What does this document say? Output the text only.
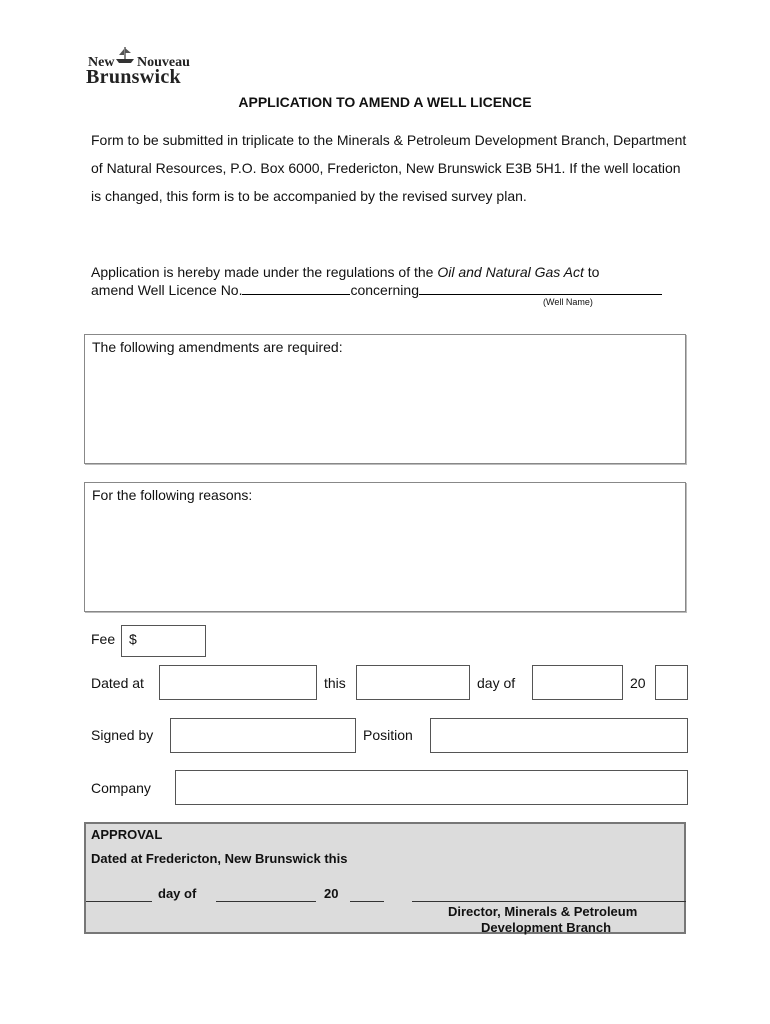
New Nouveau
Brunswick
APPLICATION TO AMEND A WELL LICENCE
Form to be submitted in triplicate to the Minerals & Petroleum Development Branch, Department of Natural Resources, P.O. Box 6000, Fredericton, New Brunswick E3B 5H1. If the well location is changed, this form is to be accompanied by the revised survey plan.
Application is hereby made under the regulations of the Oil and Natural Gas Act to
amend Well Licence No.	concerning
(Well Name)
The following amendments are required:
For the following reasons:
Fee $
Dated at	this	day of	20
Signed by	Position
Company
APPROVAL
Dated at Fredericton, New Brunswick this
day of	20
Director, Minerals & Petroleum
Development Branch
